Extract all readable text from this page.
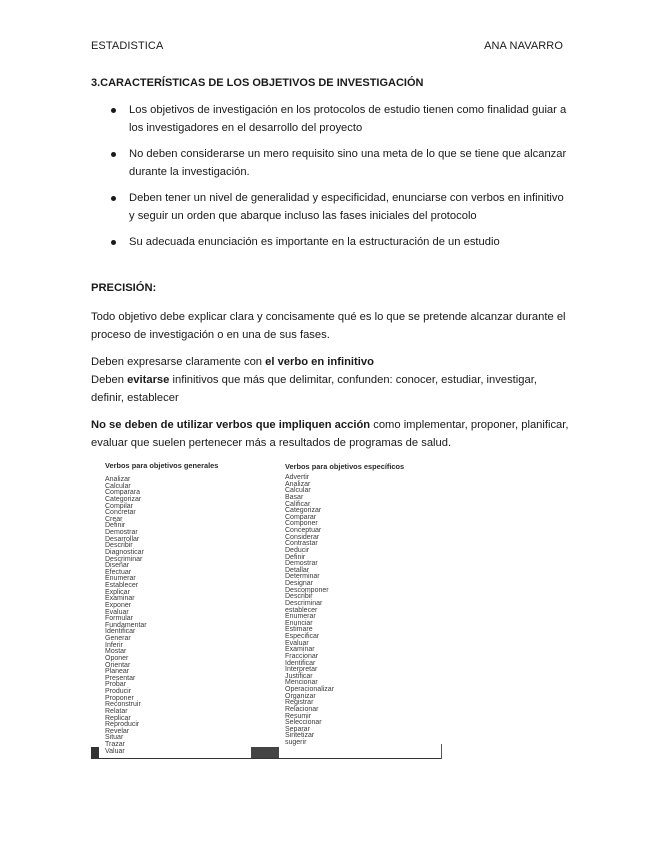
ESTADISTICA	ANA NAVARRO
3.CARACTERÍSTICAS DE LOS OBJETIVOS DE INVESTIGACIÓN
Los objetivos de investigación en los protocolos de estudio tienen como finalidad guiar a los investigadores en el desarrollo del proyecto
No deben considerarse un mero requisito sino una meta de lo que se tiene que alcanzar durante la investigación.
Deben tener un nivel de generalidad y especificidad, enunciarse con verbos en infinitivo y seguir un orden que abarque incluso las fases iniciales del protocolo
Su adecuada enunciación es importante en la estructuración de un estudio
PRECISIÓN:
Todo objetivo debe explicar clara y concisamente qué es lo que se pretende alcanzar durante el proceso de investigación o en una de sus fases.
Deben expresarse claramente con el verbo en infinitivo
Deben evitarse infinitivos que más que delimitar, confunden: conocer, estudiar, investigar, definir, establecer
No se deben de utilizar verbos que impliquen acción como implementar, proponer, planificar, evaluar que suelen pertenecer más a resultados de programas de salud.
Verbos para objetivos generales
Analizar
Calcular
Comparara
Categorizar
Compilar
Concretar
Crear
Definir
Demostrar
Desarrollar
Describir
Diagnosticar
Descriminar
Diseñar
Efectuar
Enumerar
Establecer
Explicar
Examinar
Exponer
Evaluar
Formular
Fundamentar
Identificar
Generar
Inferir
Mostar
Oponer
Orientar
Planear
Presentar
Probar
Producir
Proponer
Reconstruir
Relatar
Replicar
Reproducir
Revelar
Situar
Trazar
Valuar
Verbos para objetivos específicos
Advertir
Analizar
Calcular
Basar
Calificar
Categorizar
Comparar
Componer
Conceptuar
Considerar
Contrastar
Deducir
Definir
Demostrar
Detallar
Determinar
Designar
Descomponer
Describir
Descriminar
establecer
Enumerar
Enunciar
Estimare
Especificar
Evaluar
Examinar
Fraccionar
Identificar
Interpretar
Justificar
Mencionar
Operacionalizar
Organizar
Registrar
Relacionar
Resumir
Seleccionar
Separar
Sintetizar
sugerir
